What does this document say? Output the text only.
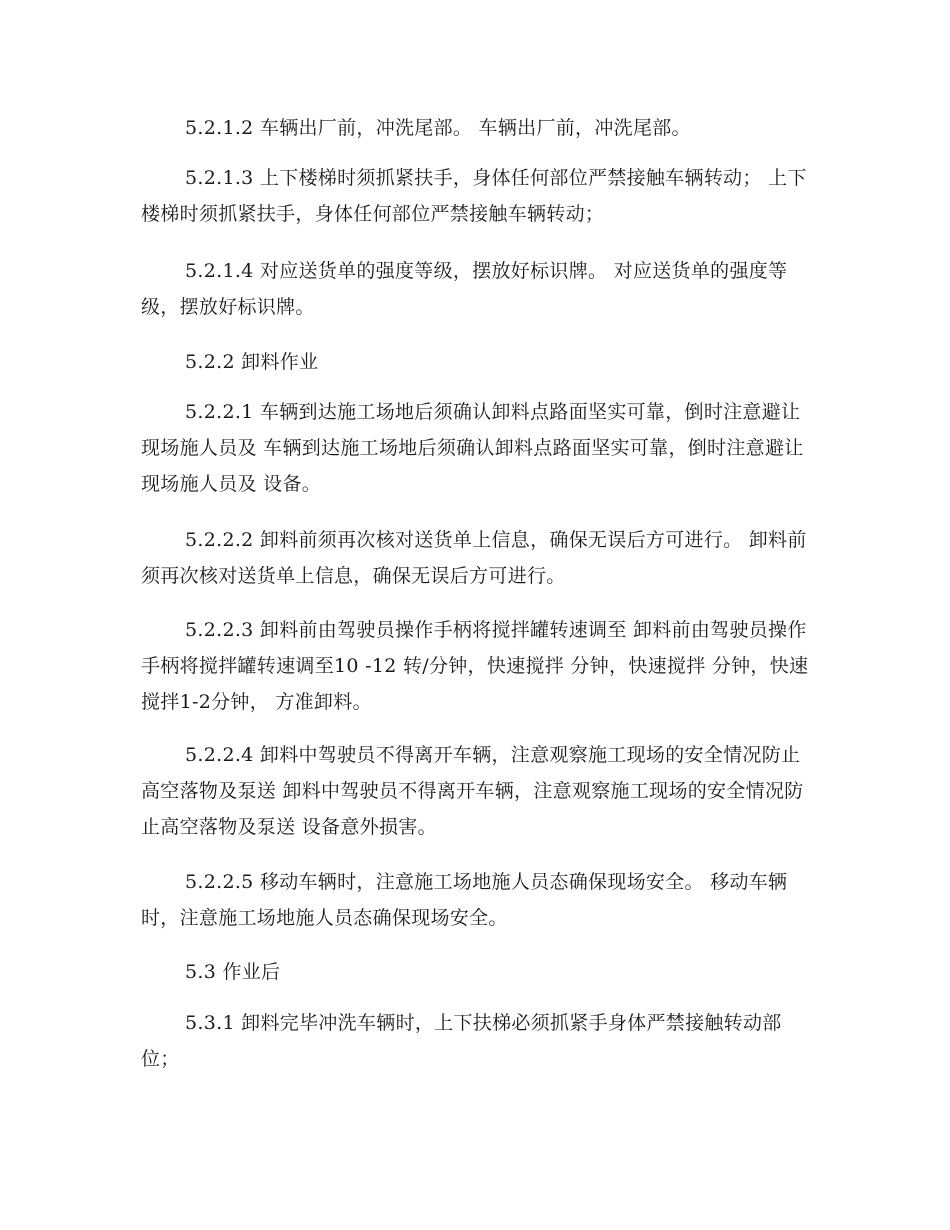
5.2.1.2 车辆出厂前，冲洗尾部。 车辆出厂前，冲洗尾部。

5.2.1.3 上下楼梯时须抓紧扶手，身体任何部位严禁接触车辆转动； 上下楼梯时须抓紧扶手，身体任何部位严禁接触车辆转动；

5.2.1.4 对应送货单的强度等级，摆放好标识牌。 对应送货单的强度等级，摆放好标识牌。

5.2.2 卸料作业

5.2.2.1 车辆到达施工场地后须确认卸料点路面坚实可靠，倒时注意避让现场施人员及 车辆到达施工场地后须确认卸料点路面坚实可靠，倒时注意避让现场施人员及 设备。

5.2.2.2 卸料前须再次核对送货单上信息，确保无误后方可进行。 卸料前须再次核对送货单上信息，确保无误后方可进行。

5.2.2.3 卸料前由驾驶员操作手柄将搅拌罐转速调至 卸料前由驾驶员操作手柄将搅拌罐转速调至10 -12 转/分钟，快速搅拌 分钟，快速搅拌 分钟，快速搅拌1-2分钟， 方准卸料。

5.2.2.4 卸料中驾驶员不得离开车辆，注意观察施工现场的安全情况防止高空落物及泵送 卸料中驾驶员不得离开车辆，注意观察施工现场的安全情况防止高空落物及泵送 设备意外损害。

5.2.2.5 移动车辆时，注意施工场地施人员态确保现场安全。 移动车辆时，注意施工场地施人员态确保现场安全。

5.3 作业后

5.3.1 卸料完毕冲洗车辆时，上下扶梯必须抓紧手身体严禁接触转动部位；
